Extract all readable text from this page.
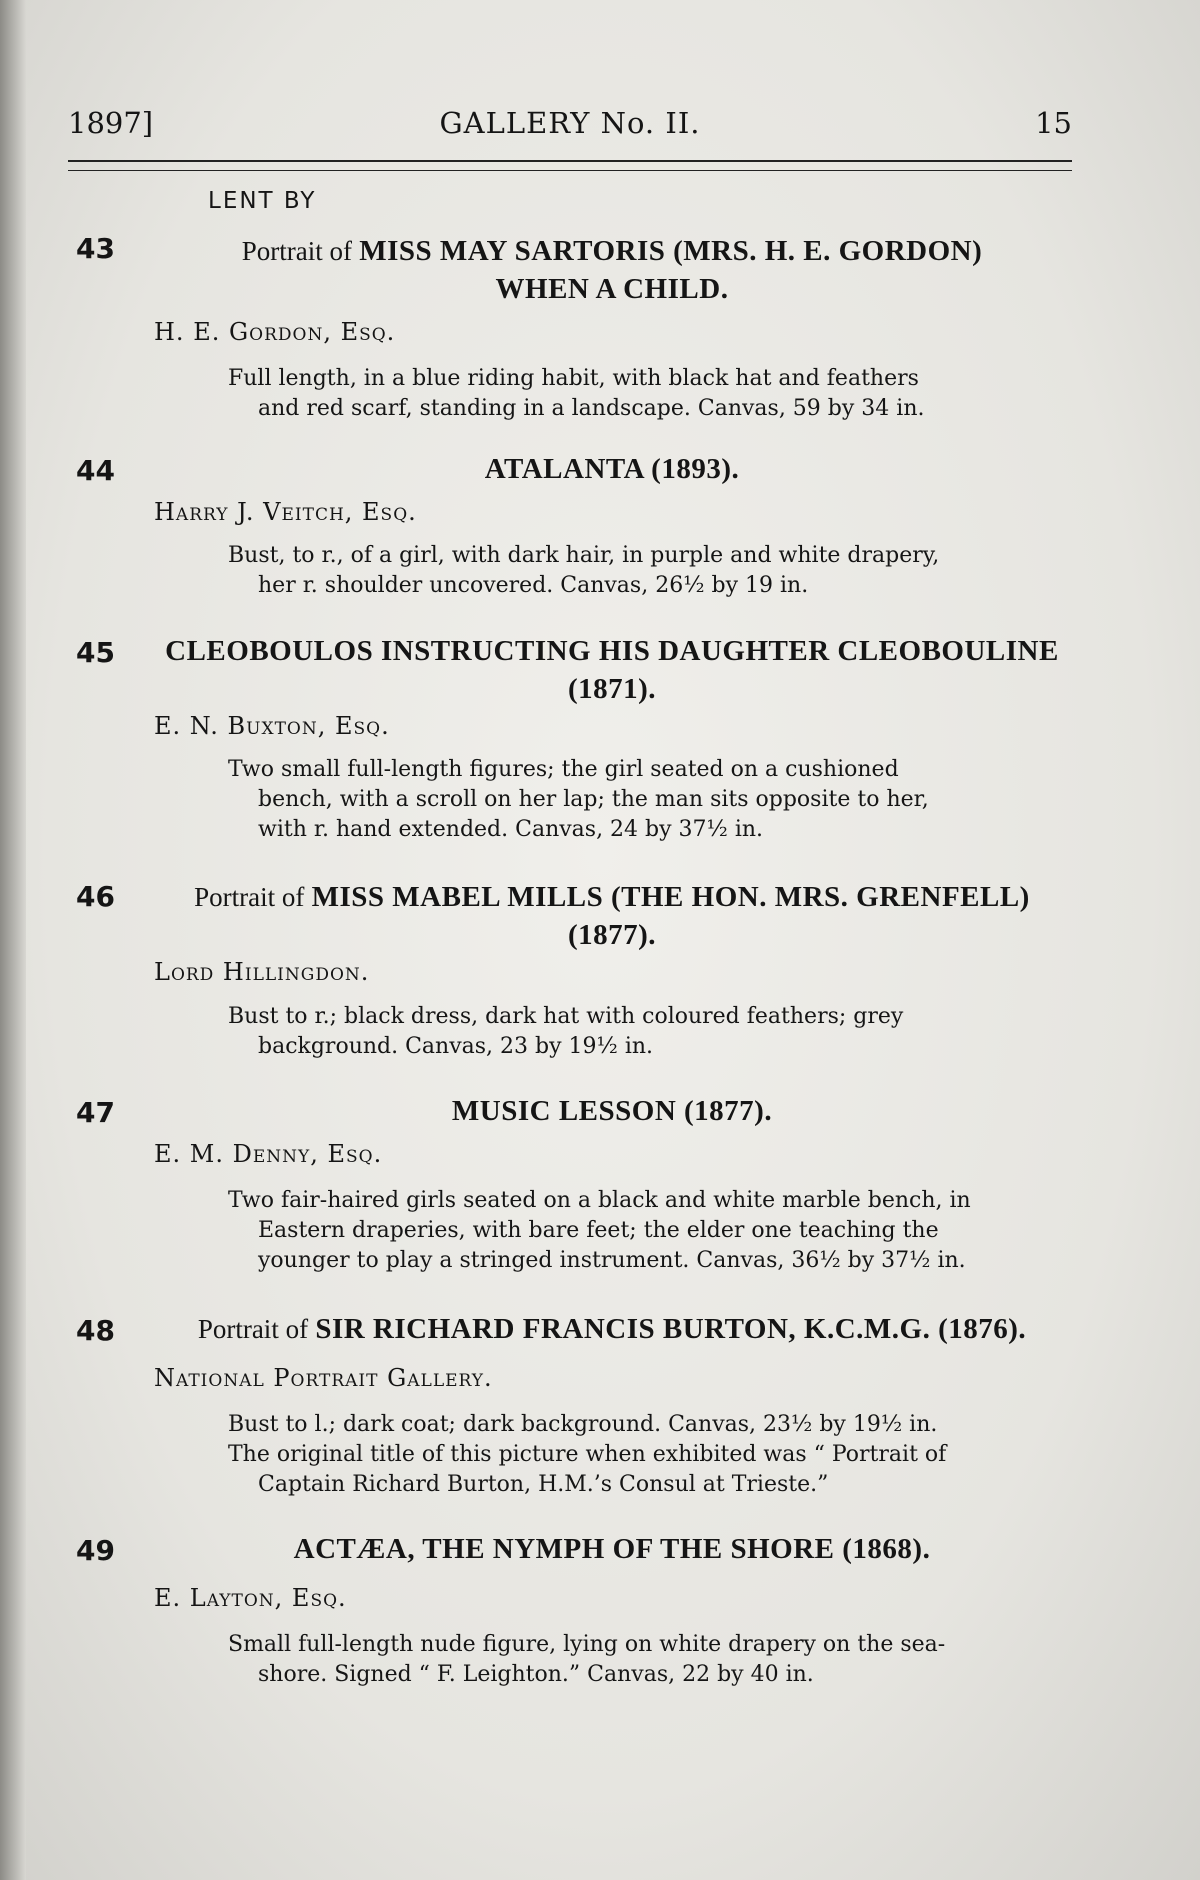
1897]	GALLERY No. II.	15
LENT BY
43	Portrait of MISS MAY SARTORIS (MRS. H. E. GORDON)
WHEN A CHILD.
H. E. Gordon, Esq.
Full length, in a blue riding habit, with black hat and feathers
and red scarf, standing in a landscape. Canvas, 59 by 34 in.
44	ATALANTA (1893).
Harry J. Veitch, Esq.
Bust, to r., of a girl, with dark hair, in purple and white drapery,
her r. shoulder uncovered. Canvas, 26½ by 19 in.
45	CLEOBOULOS INSTRUCTING HIS DAUGHTER CLEOBOULINE
(1871).
E. N. Buxton, Esq.
Two small full-length figures; the girl seated on a cushioned
bench, with a scroll on her lap; the man sits opposite to her,
with r. hand extended. Canvas, 24 by 37½ in.
46	Portrait of MISS MABEL MILLS (THE HON. MRS. GRENFELL)
(1877).
Lord Hillingdon.
Bust to r.; black dress, dark hat with coloured feathers; grey
background. Canvas, 23 by 19½ in.
47	MUSIC LESSON (1877).
E. M. Denny, Esq.
Two fair-haired girls seated on a black and white marble bench, in
Eastern draperies, with bare feet; the elder one teaching the
younger to play a stringed instrument. Canvas, 36½ by 37½ in.
48	Portrait of SIR RICHARD FRANCIS BURTON, K.C.M.G. (1876).
National Portrait Gallery.
Bust to l.; dark coat; dark background. Canvas, 23½ by 19½ in.
The original title of this picture when exhibited was “ Portrait of
Captain Richard Burton, H.M.’s Consul at Trieste.”
49	ACTÆA, THE NYMPH OF THE SHORE (1868).
E. Layton, Esq.
Small full-length nude figure, lying on white drapery on the sea-
shore. Signed “ F. Leighton.” Canvas, 22 by 40 in.
